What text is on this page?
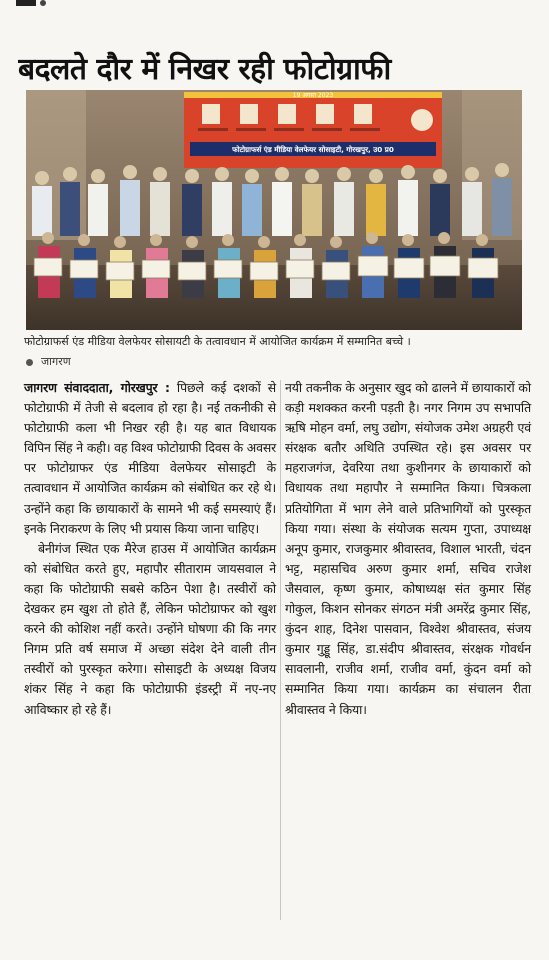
बदलते दौर में निखर रही फोटोग्राफी
19 अगस्त 2023
फोटोग्राफर्स एंड मीडिया वेलफेयर सोसाइटी, गोरखपुर, उ0 प्र0
फोटोग्राफर्स एंड मीडिया वेलफेयर सोसायटी के तत्वावधान में आयोजित कार्यक्रम में सम्मानित बच्चे ।
जागरण

जागरण संवाददाता, गोरखपुर : पिछले कई दशकों से फोटोग्राफी में तेजी से बदलाव हो रहा है। नई तकनीकी से फोटोग्राफी कला भी निखर रही है। यह बात विधायक विपिन सिंह ने कही। वह विश्व फोटोग्राफी दिवस के अवसर पर फोटोग्राफर एंड मीडिया वेलफेयर सोसाइटी के तत्वावधान में आयोजित कार्यक्रम को संबोधित कर रहे थे। उन्होंने कहा कि छायाकारों के सामने भी कई समस्याएं हैं। इनके निराकरण के लिए भी प्रयास किया जाना चाहिए।

बेनीगंज स्थित एक मैरेज हाउस में आयोजित कार्यक्रम को संबोधित करते हुए, महापौर सीताराम जायसवाल ने कहा कि फोटोग्राफी सबसे कठिन पेशा है। तस्वीरों को देखकर हम खुश तो होते हैं, लेकिन फोटोग्राफर को खुश करने की कोशिश नहीं करते। उन्होंने घोषणा की कि नगर निगम प्रति वर्ष समाज में अच्छा संदेश देने वाली तीन तस्वीरों को पुरस्कृत करेगा। सोसाइटी के अध्यक्ष विजय शंकर सिंह ने कहा कि फोटोग्राफी इंडस्ट्री में नए-नए आविष्कार हो रहे हैं।

नयी तकनीक के अनुसार खुद को ढालने में छायाकारों को कड़ी मशक्कत करनी पड़ती है। नगर निगम उप सभापति ऋषि मोहन वर्मा, लघु उद्योग, संयोजक उमेश अग्रहरी एवं संरक्षक बतौर अथिति उपस्थित रहे। इस अवसर पर महराजगंज, देवरिया तथा कुशीनगर के छायाकारों को विधायक तथा महापौर ने सम्मानित किया। चित्रकला प्रतियोगिता में भाग लेने वाले प्रतिभागियों को पुरस्कृत किया गया। संस्था के संयोजक सत्यम गुप्ता, उपाध्यक्ष अनूप कुमार, राजकुमार श्रीवास्तव, विशाल भारती, चंदन भट्ट, महासचिव अरुण कुमार शर्मा, सचिव राजेश जैसवाल, कृष्ण कुमार, कोषाध्यक्ष संत कुमार सिंह गोकुल, किशन सोनकर संगठन मंत्री अमरेंद्र कुमार सिंह, कुंदन शाह, दिनेश पासवान, विश्वेश श्रीवास्तव, संजय कुमार गुड्डू सिंह, डा.संदीप श्रीवास्तव, संरक्षक गोवर्धन सावलानी, राजीव शर्मा, राजीव वर्मा, कुंदन वर्मा को सम्मानित किया गया। कार्यक्रम का संचालन रीता श्रीवास्तव ने किया।
